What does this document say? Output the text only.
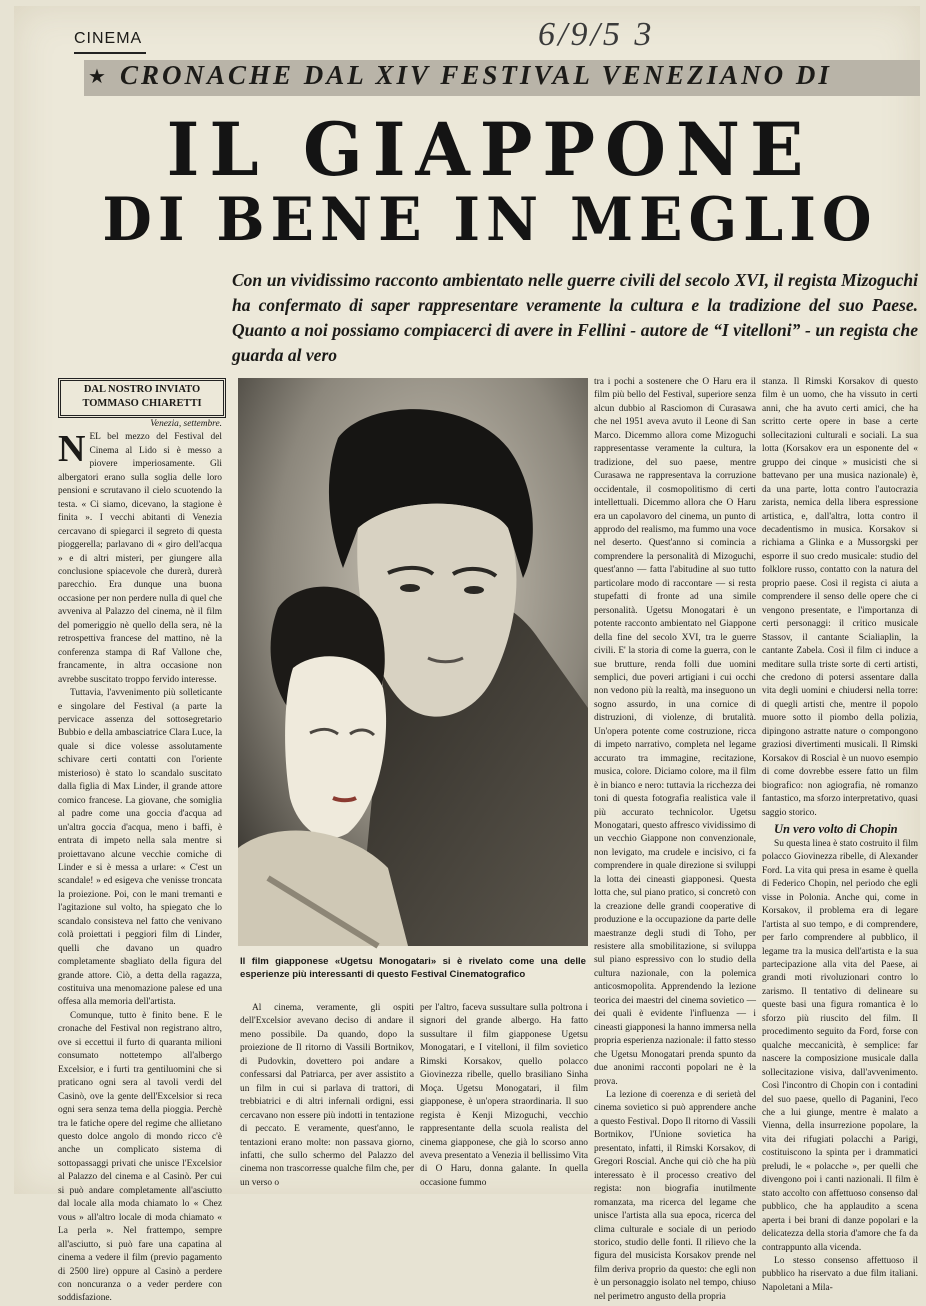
CINEMA	6/9/5 3
★ CRONACHE DAL XIV FESTIVAL VENEZIANO DI
IL GIAPPONE
DI BENE IN MEGLIO

Con un vividissimo racconto ambientato nelle guerre civili del secolo XVI, il regista Mizoguchi ha confermato di saper rappresentare veramente la cultura e la tradizione del suo Paese. Quanto a noi possiamo compiacerci di avere in Fellini - autore de “I vitelloni” - un regista che guarda al vero

DAL NOSTRO INVIATO
TOMMASO CHIARETTI

Venezia, settembre.

NEL bel mezzo del Festival del Cinema al Lido si è messo a piovere imperiosamente. Gli albergatori erano sulla soglia delle loro pensioni e scrutavano il cielo scuotendo la testa. « Ci siamo, dicevano, la stagione è finita ». I vecchi abitanti di Venezia cercavano di spiegarci il segreto di questa pioggerella; parlavano di « giro dell'acqua » e di altri misteri, per giungere alla conclusione spiacevole che durerà, durerà parecchio. Era dunque una buona occasione per non perdere nulla di quel che avveniva al Palazzo del cinema, nè il film del pomeriggio nè quello della sera, nè la retrospettiva francese del mattino, nè la conferenza stampa di Raf Vallone che, francamente, in altra occasione non avrebbe suscitato troppo fervido interesse.

Tuttavia, l'avvenimento più solleticante e singolare del Festival (a parte la pervicace assenza del sottosegretario Bubbio e della ambasciatrice Clara Luce, la quale si dice volesse assolutamente schivare certi contatti con l'oriente misterioso) è stato lo scandalo suscitato dalla figlia di Max Linder, il grande attore comico francese. La giovane, che somiglia al padre come una goccia d'acqua ad un'altra goccia d'acqua, meno i baffi, è entrata di impeto nella sala mentre si proiettavano alcune vecchie comiche di Linder e si è messa a urlare: « C'est un scandale! » ed esigeva che venisse troncata la proiezione. Poi, con le mani tremanti e l'agitazione sul volto, ha spiegato che lo scandalo consisteva nel fatto che venivano colà proiettati i peggiori film di Linder, quelli che davano un quadro completamente sbagliato della figura del grande attore. Ciò, a detta della ragazza, costituiva una menomazione palese ed una offesa alla memoria dell'artista.

Comunque, tutto è finito bene. E le cronache del Festival non registrano altro, ove si eccettui il furto di quaranta milioni consumato nottetempo all'albergo Excelsior, e i furti tra gentiluomini che si praticano ogni sera al tavoli verdi del Casinò, ove la gente dell'Excelsior si reca ogni sera senza tema della pioggia. Perchè tra le fatiche opere del regime che allietano questo dolce angolo di mondo ricco c'è anche un complicato sistema di sottopassaggi privati che unisce l'Excelsior al Palazzo del cinema e al Casinò. Per cui si può andare completamente all'asciutto dal locale alla moda chiamato lo « Chez vous » all'altro locale di moda chiamato « La perla ». Nel frattempo, sempre all'asciutto, si può fare una capatina al cinema a vedere il film (previo pagamento di 2500 lire) oppure al Casinò a perdere con noncuranza o a veder perdere con soddisfazione.

Il film giapponese «Ugetsu Monogatari» si è rivelato come una delle esperienze più interessanti di questo Festival Cinematografico

Al cinema, veramente, gli ospiti dell'Excelsior avevano deciso di andare il meno possibile. Da quando, dopo la proiezione de Il ritorno di Vassili Bortnikov, di Pudovkin, dovettero poi andare a confessarsi dal Patriarca, per aver assistito a un film in cui si parlava di trattori, di trebbiatrici e di altri infernali ordigni, essi cercavano non essere più indotti in tentazione di peccato. E veramente, quest'anno, le tentazioni erano molte: non passava giorno, infatti, che sullo schermo del Palazzo del cinema non trascorresse qualche film che, per un verso o

per l'altro, faceva sussultare sulla poltrona i signori del grande albergo. Ha fatto sussultare il film giapponese Ugetsu Monogatari, e I vitelloni, il film sovietico Rimski Korsakov, quello polacco Giovinezza ribelle, quello brasiliano Sinha Moça. Ugetsu Monogatari, il film giapponese, è un'opera straordinaria. Il suo regista è Kenji Mizoguchi, vecchio rappresentante della scuola realista del cinema giapponese, che già lo scorso anno aveva presentato a Venezia il bellissimo Vita di O Haru, donna galante. In quella occasione fummo

tra i pochi a sostenere che O Haru era il film più bello del Festival, superiore senza alcun dubbio al Rasciomon di Curasawa che nel 1951 aveva avuto il Leone di San Marco. Dicemmo allora come Mizoguchi rappresentasse veramente la cultura, la tradizione, del suo paese, mentre Curasawa ne rappresentava la corruzione occidentale, il cosmopolitismo di certi intellettuali. Dicemmo allora che O Haru era un capolavoro del cinema, un punto di approdo del realismo, ma fummo una voce nel deserto. Quest'anno si comincia a comprendere la personalità di Mizoguchi, quest'anno — fatta l'abitudine al suo tutto particolare modo di raccontare — si resta stupefatti di fronte ad una simile personalità. Ugetsu Monogatari è un potente racconto ambientato nel Giappone della fine del secolo XVI, tra le guerre civili. E' la storia di come la guerra, con le sue brutture, renda folli due uomini semplici, due poveri artigiani i cui occhi non vedono più la realtà, ma inseguono un sogno assurdo, in una cornice di distruzioni, di violenze, di brutalità. Un'opera potente come costruzione, ricca di impeto narrativo, completa nel legame accurato tra immagine, recitazione, musica, colore. Diciamo colore, ma il film è in bianco e nero: tuttavia la ricchezza dei toni di questa fotografia realistica vale il più accurato technicolor. Ugetsu Monogatari, questo affresco vividissimo di un vecchio Giappone non convenzionale, non levigato, ma crudele e incisivo, ci fa comprendere in quale direzione si sviluppi la lotta dei cineasti giapponesi. Questa lotta che, sul piano pratico, si concretò con la creazione delle grandi cooperative di produzione e la occupazione da parte delle maestranze degli studi di Toho, per resistere alla smobilitazione, si sviluppa sul piano espressivo con lo studio della cultura nazionale, con la polemica anticosmopolita. Apprendendo la lezione teorica dei maestri del cinema sovietico — dei quali è evidente l'influenza — i cineasti giapponesi la hanno immersa nella propria esperienza nazionale: il fatto stesso che Ugetsu Monogatari prenda spunto da due anonimi racconti popolari ne è la prova.

La lezione di coerenza e di serietà del cinema sovietico si può apprendere anche a questo Festival. Dopo Il ritorno di Vassili Bortnikov, l'Unione sovietica ha presentato, infatti, il Rimski Korsakov, di Gregori Roscial. Anche qui ciò che ha più interessato è il processo creativo del regista: non biografia inutilmente romanzata, ma ricerca del legame che unisce l'artista alla sua epoca, ricerca del clima culturale e sociale di un periodo storico, studio delle fonti. Il rilievo che la figura del musicista Korsakov prende nel film deriva proprio da questo: che egli non è un personaggio isolato nel tempo, chiuso nel perimetro angusto della propria

stanza. Il Rimski Korsakov di questo film è un uomo, che ha vissuto in certi anni, che ha avuto certi amici, che ha scritto certe opere in base a certe sollecitazioni culturali e sociali. La sua lotta (Korsakov era un esponente del « gruppo dei cinque » musicisti che si battevano per una musica nazionale) è, da una parte, lotta contro l'autocrazia zarista, nemica della libera espressione artistica, e, dall'altra, lotta contro il decadentismo in musica. Korsakov si richiama a Glinka e a Mussorgski per esporre il suo credo musicale: studio del folklore russo, contatto con la natura del proprio paese. Così il regista ci aiuta a comprendere il senso delle opere che ci vengono presentate, e l'importanza di certi personaggi: il critico musicale Stassov, il cantante Scialiaplin, la cantante Zabela. Così il film ci induce a meditare sulla triste sorte di certi artisti, che credono di potersi assentare dalla vita degli uomini e chiudersi nella torre: di quegli artisti che, mentre il popolo muore sotto il piombo della polizia, dipingono astratte nature o compongono graziosi divertimenti musicali. Il Rimski Korsakov di Roscial è un nuovo esempio di come dovrebbe essere fatto un film biografico: non agiografia, nè romanzo fantastico, ma sforzo interpretativo, quasi saggio storico.

Un vero volto di Chopin

Su questa linea è stato costruito il film polacco Giovinezza ribelle, di Alexander Ford. La vita qui presa in esame è quella di Federico Chopin, nel periodo che egli visse in Polonia. Anche qui, come in Korsakov, il problema era di legare l'artista al suo tempo, e di comprendere, per farlo comprendere al pubblico, il legame tra la musica dell'artista e la sua partecipazione alla vita del Paese, ai grandi moti rivoluzionari contro lo zarismo. Il tentativo di delineare su queste basi una figura romantica è lo sforzo più riuscito del film. Il procedimento seguito da Ford, forse con qualche meccanicità, è semplice: far nascere la composizione musicale dalla sollecitazione visiva, dall'avvenimento. Così l'incontro di Chopin con i contadini del suo paese, quello di Paganini, l'eco che a lui giunge, mentre è malato a Vienna, della insurrezione popolare, la vita dei rifugiati polacchi a Parigi, costituiscono la spinta per i drammatici preludi, le « polacche », per quelli che divengono poi i canti nazionali. Il film è stato accolto con affettuoso consenso dal pubblico, che ha applaudito a scena aperta i bei brani di danze popolari e la delicatezza della storia d'amore che fa da contrappunto alla vicenda.

Lo stesso consenso affettuoso il pubblico ha riservato a due film italiani. Napoletani a Mila-
